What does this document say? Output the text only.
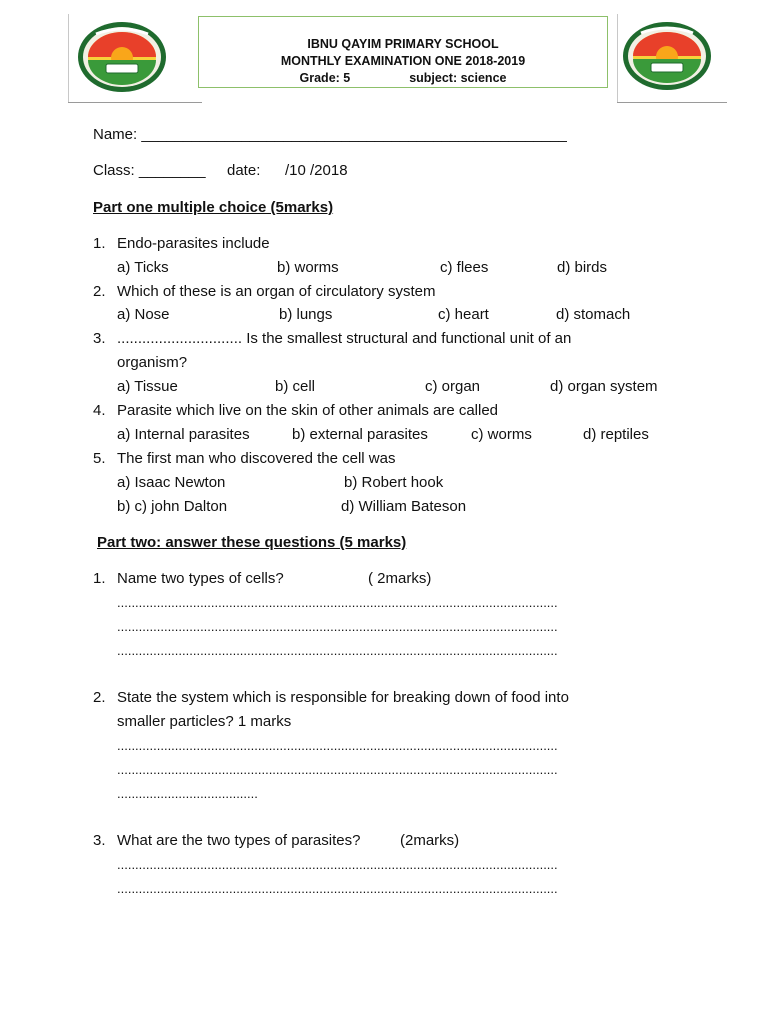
IBNU QAYIM PRIMARY SCHOOL
MONTHLY EXAMINATION ONE 2018-2019
Grade: 5	subject: science
Name: ___________________________________________________
Class: ________ date: /10 /2018
Part one multiple choice (5marks)
1. Endo-parasites include
a) Ticks	b) worms	c) flees	d) birds
2. Which of these is an organ of circulatory system
a) Nose	b) lungs	c) heart	d) stomach
3. .............................. Is the smallest structural and functional unit of an
organism?
a) Tissue	b) cell	c) organ	d) organ system
4. Parasite which live on the skin of other animals are called
a) Internal parasites	b) external parasites	c) worms	d) reptiles
5. The first man who discovered the cell was
a) Isaac Newton	b) Robert hook
b) c) john Dalton	d) William Bateson
Part two: answer these questions (5 marks)
1. Name two types of cells?	( 2marks)
..........................................................................................................................
..........................................................................................................................
..........................................................................................................................
2. State the system which is responsible for breaking down of food into
smaller particles? 1 marks
..........................................................................................................................
..........................................................................................................................
.......................................
3. What are the two types of parasites?	(2marks)
..........................................................................................................................
..........................................................................................................................
